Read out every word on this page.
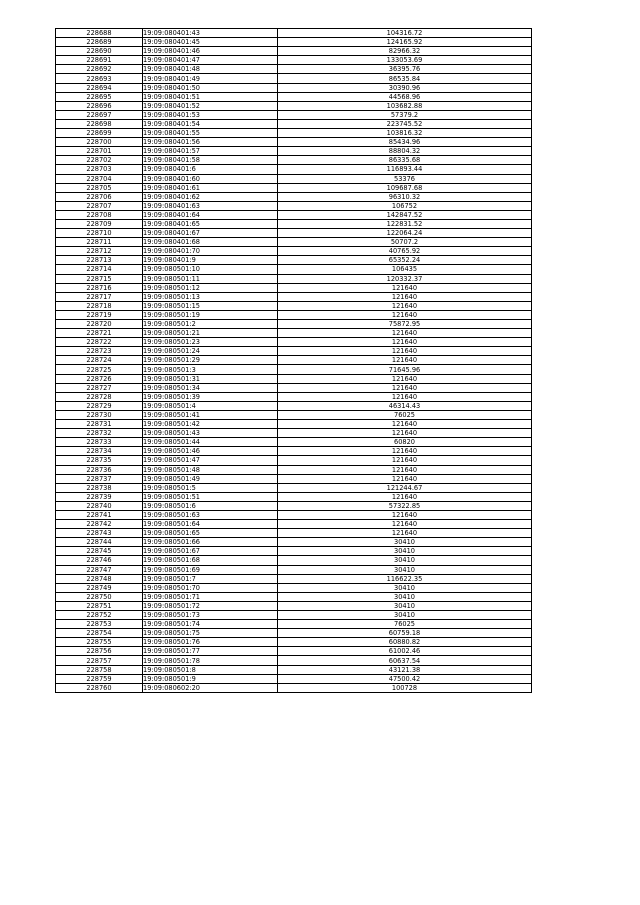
228688	19:09:080401:43	104316.72
228689	19:09:080401:45	124165.92
228690	19:09:080401:46	82966.32
228691	19:09:080401:47	133053.69
228692	19:09:080401:48	36395.76
228693	19:09:080401:49	86535.84
228694	19:09:080401:50	30390.96
228695	19:09:080401:51	44568.96
228696	19:09:080401:52	103682.88
228697	19:09:080401:53	57379.2
228698	19:09:080401:54	223745.52
228699	19:09:080401:55	103816.32
228700	19:09:080401:56	85434.96
228701	19:09:080401:57	88804.32
228702	19:09:080401:58	86335.68
228703	19:09:080401:6	116893.44
228704	19:09:080401:60	53376
228705	19:09:080401:61	109687.68
228706	19:09:080401:62	96310.32
228707	19:09:080401:63	106752
228708	19:09:080401:64	142847.52
228709	19:09:080401:65	122831.52
228710	19:09:080401:67	122064.24
228711	19:09:080401:68	50707.2
228712	19:09:080401:70	40765.92
228713	19:09:080401:9	65352.24
228714	19:09:080501:10	106435
228715	19:09:080501:11	120332.37
228716	19:09:080501:12	121640
228717	19:09:080501:13	121640
228718	19:09:080501:15	121640
228719	19:09:080501:19	121640
228720	19:09:080501:2	75872.95
228721	19:09:080501:21	121640
228722	19:09:080501:23	121640
228723	19:09:080501:24	121640
228724	19:09:080501:29	121640
228725	19:09:080501:3	71645.96
228726	19:09:080501:31	121640
228727	19:09:080501:34	121640
228728	19:09:080501:39	121640
228729	19:09:080501:4	46314.43
228730	19:09:080501:41	76025
228731	19:09:080501:42	121640
228732	19:09:080501:43	121640
228733	19:09:080501:44	60820
228734	19:09:080501:46	121640
228735	19:09:080501:47	121640
228736	19:09:080501:48	121640
228737	19:09:080501:49	121640
228738	19:09:080501:5	121244.67
228739	19:09:080501:51	121640
228740	19:09:080501:6	57322.85
228741	19:09:080501:63	121640
228742	19:09:080501:64	121640
228743	19:09:080501:65	121640
228744	19:09:080501:66	30410
228745	19:09:080501:67	30410
228746	19:09:080501:68	30410
228747	19:09:080501:69	30410
228748	19:09:080501:7	116622.35
228749	19:09:080501:70	30410
228750	19:09:080501:71	30410
228751	19:09:080501:72	30410
228752	19:09:080501:73	30410
228753	19:09:080501:74	76025
228754	19:09:080501:75	60759.18
228755	19:09:080501:76	60880.82
228756	19:09:080501:77	61002.46
228757	19:09:080501:78	60637.54
228758	19:09:080501:8	43121.38
228759	19:09:080501:9	47500.42
228760	19:09:080602:20	100728
